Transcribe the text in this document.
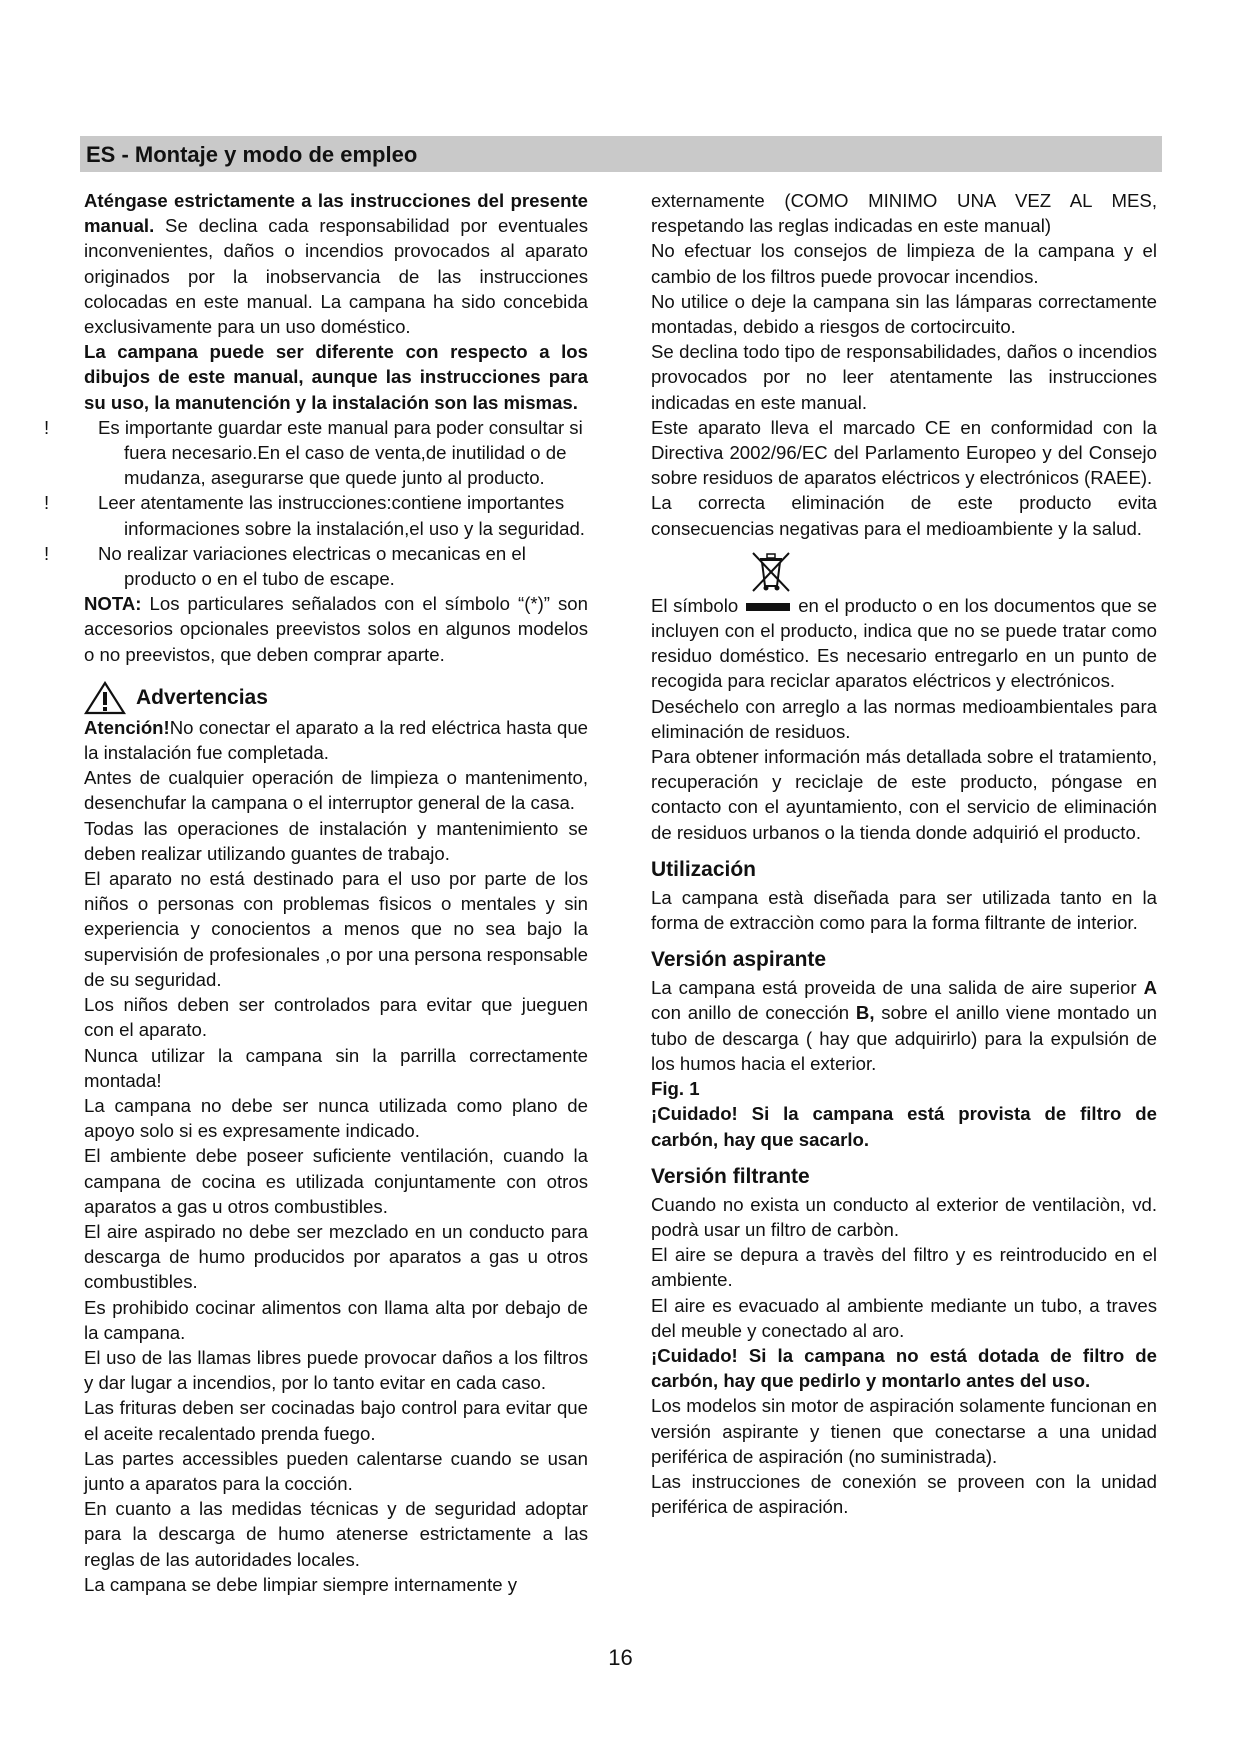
ES - Montaje y modo de empleo

Aténgase estrictamente a las instrucciones del presente manual. Se declina cada responsabilidad por eventuales inconvenientes, daños o incendios provocados al aparato originados por la inobservancia de las instrucciones colocadas en este manual. La campana ha sido concebida exclusivamente para un uso doméstico.

La campana puede ser diferente con respecto a los dibujos de este manual, aunque las instrucciones para su uso, la manutención y la instalación son las mismas.

!	Es importante guardar este manual para poder consultar si fuera necesario.En el caso de venta,de inutilidad o de mudanza, asegurarse que quede junto al producto.

!	Leer atentamente las instrucciones:contiene importantes informaciones sobre la instalación,el uso y la seguridad.

!	No realizar variaciones electricas o mecanicas en el producto o en el tubo de escape.

NOTA: Los particulares señalados con el símbolo “(*)” son accesorios opcionales preevistos solos en algunos modelos o no preevistos, que deben comprar aparte.

Advertencias

Atención!No conectar el aparato a la red eléctrica hasta que la instalación fue completada.

Antes de cualquier operación de limpieza o mantenimento, desenchufar la campana o el interruptor general de la casa.

Todas las operaciones de instalación y mantenimiento se deben realizar utilizando guantes de trabajo.

El aparato no está destinado para el uso por parte de los niños o personas con problemas fìsicos o mentales y sin experiencia y conocientos a menos que no sea bajo la supervisión de profesionales ,o por una persona responsable de su seguridad.

Los niños deben ser controlados para evitar que jueguen con el aparato.

Nunca utilizar la campana sin la parrilla correctamente montada!

La campana no debe ser nunca utilizada como plano de apoyo solo si es expresamente indicado.

El ambiente debe poseer suficiente ventilación, cuando la campana de cocina es utilizada conjuntamente con otros aparatos a gas u otros combustibles.

El aire aspirado no debe ser mezclado en un conducto para descarga de humo producidos por aparatos a gas u otros combustibles.

Es prohibido cocinar alimentos con llama alta por debajo de la campana.

El uso de las llamas libres puede provocar daños a los filtros y dar lugar a incendios, por lo tanto evitar en cada caso.

Las frituras deben ser cocinadas bajo control para evitar que el aceite recalentado prenda fuego.

Las partes accessibles pueden calentarse cuando se usan junto a aparatos para la cocción.

En cuanto a las medidas técnicas y de seguridad adoptar para la descarga de humo atenerse estrictamente a las reglas de las autoridades locales.

La campana se debe limpiar siempre internamente y

externamente (COMO MINIMO UNA VEZ AL MES, respetando las reglas indicadas en este manual)

No efectuar los consejos de limpieza de la campana y el cambio de los filtros puede provocar incendios.

No utilice o deje la campana sin las lámparas correctamente montadas, debido a riesgos de cortocircuito.

Se declina todo tipo de responsabilidades, daños o incendios provocados por no leer atentamente las instrucciones indicadas en este manual.

Este aparato lleva el marcado CE en conformidad con la Directiva 2002/96/EC del Parlamento Europeo y del Consejo sobre residuos de aparatos eléctricos y electrónicos (RAEE).

La correcta eliminación de este producto evita consecuencias negativas para el medioambiente y la salud.

El símbolo	en el producto o en los documentos que se incluyen con el producto, indica que no se puede tratar como residuo doméstico. Es necesario entregarlo en un punto de recogida para reciclar aparatos eléctricos y electrónicos.

Deséchelo con arreglo a las normas medioambientales para eliminación de residuos.

Para obtener información más detallada sobre el tratamiento, recuperación y reciclaje de este producto, póngase en contacto con el ayuntamiento, con el servicio de eliminación de residuos urbanos o la tienda donde adquirió el producto.

Utilización

La campana està diseñada para ser utilizada tanto en la forma de extracciòn como para la forma filtrante de interior.

Versión aspirante

La campana está proveida de una salida de aire superior A con anillo de conección B, sobre el anillo viene montado un tubo de descarga ( hay que adquirirlo) para la expulsión de los humos hacia el exterior.

Fig. 1

¡Cuidado! Si la campana está provista de filtro de carbón, hay que sacarlo.

Versión filtrante

Cuando no exista un conducto al exterior de ventilaciòn, vd. podrà usar un filtro de carbòn.

El aire se depura a travès del filtro y es reintroducido en el ambiente.

El aire es evacuado al ambiente mediante un tubo, a traves del meuble y conectado al aro.

¡Cuidado! Si la campana no está dotada de filtro de carbón, hay que pedirlo y montarlo antes del uso.

Los modelos sin motor de aspiración solamente funcionan en versión aspirante y tienen que conectarse a una unidad periférica de aspiración (no suministrada).

Las instrucciones de conexión se proveen con la unidad periférica de aspiración.

16
